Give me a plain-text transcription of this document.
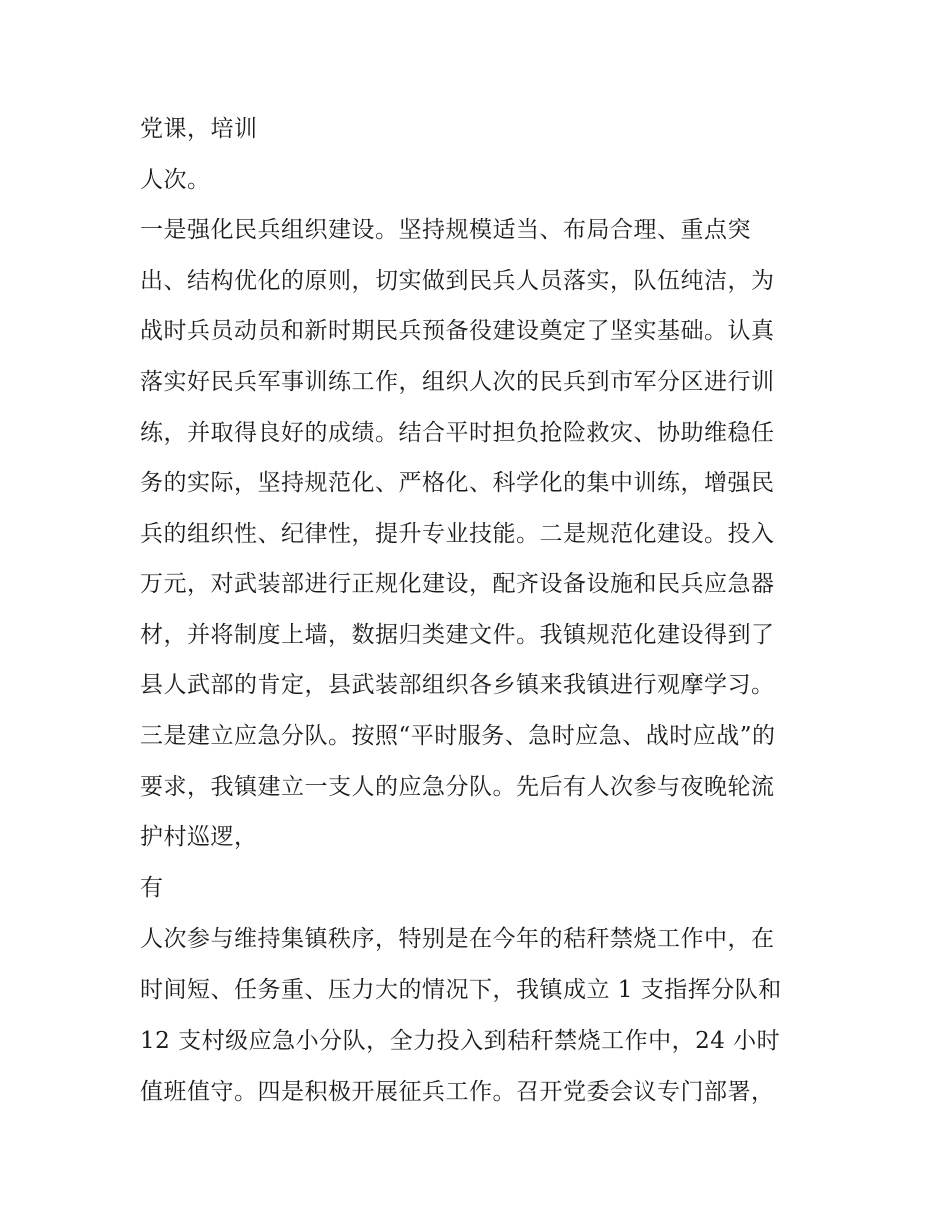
党课，培训
人次。
一是强化民兵组织建设。坚持规模适当、布局合理、重点突
出、结构优化的原则，切实做到民兵人员落实，队伍纯洁，为
战时兵员动员和新时期民兵预备役建设奠定了坚实基础。认真
落实好民兵军事训练工作，组织人次的民兵到市军分区进行训
练，并取得良好的成绩。结合平时担负抢险救灾、协助维稳任
务的实际，坚持规范化、严格化、科学化的集中训练，增强民
兵的组织性、纪律性，提升专业技能。二是规范化建设。投入
万元，对武装部进行正规化建设，配齐设备设施和民兵应急器
材，并将制度上墙，数据归类建文件。我镇规范化建设得到了
县人武部的肯定，县武装部组织各乡镇来我镇进行观摩学习。
三是建立应急分队。按照“平时服务、急时应急、战时应战”的
要求，我镇建立一支人的应急分队。先后有人次参与夜晚轮流
护村巡逻，
有
人次参与维持集镇秩序，特别是在今年的秸秆禁烧工作中，在
时间短、任务重、压力大的情况下，我镇成立 1 支指挥分队和
12 支村级应急小分队，全力投入到秸秆禁烧工作中，24 小时
值班值守。四是积极开展征兵工作。召开党委会议专门部署，
